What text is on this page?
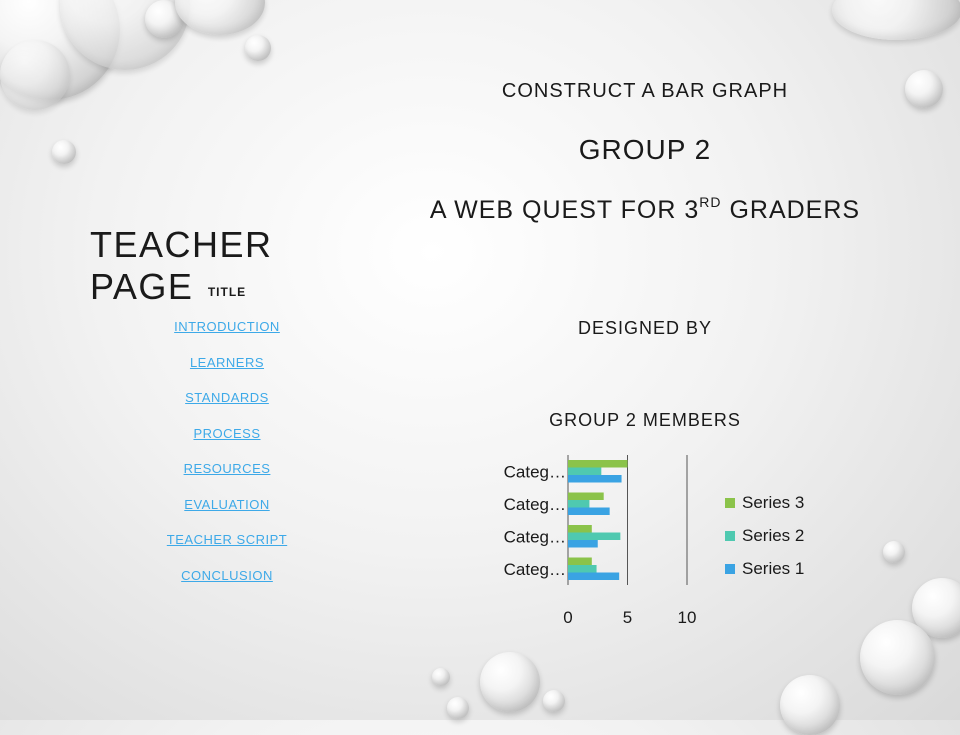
CONSTRUCT A BAR GRAPH
GROUP 2
A WEB QUEST FOR 3RD GRADERS
DESIGNED BY
GROUP 2 MEMBERS
TEACHER PAGE	TITLE
INTRODUCTION
LEARNERS
STANDARDS
PROCESS
RESOURCES
EVALUATION
TEACHER SCRIPT
CONCLUSION
0	5	10
Categ…
Categ…
Categ…
Categ…
Series 3
Series 2
Series 1
